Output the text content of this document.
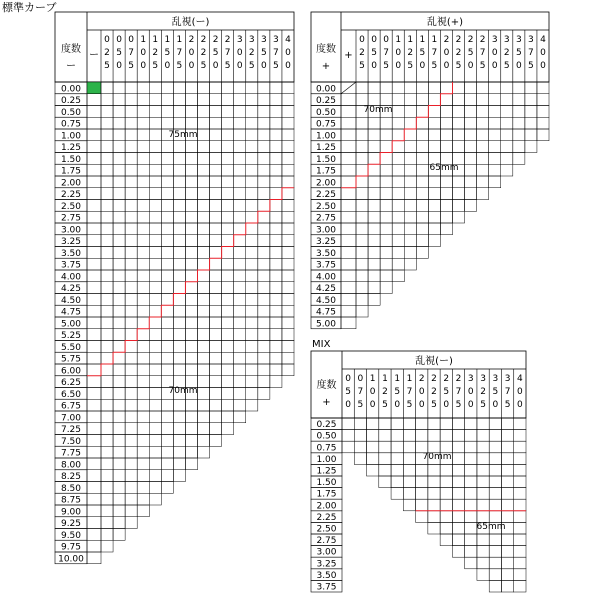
標準カーブ
MIX
乱視(ー)
度数
ー
ー
0
2
5
0
5
0
0
7
5
1
0
0
1
2
5
1
5
0
1
7
5
2
0
0
2
2
5
2
5
0
2
7
5
3
0
0
3
2
5
3
5
0
3
7
5
4
0
0
0.00
0.25
0.50
0.75
1.00
1.25
1.50
1.75
2.00
2.25
2.50
2.75
3.00
3.25
3.50
3.75
4.00
4.25
4.50
4.75
5.00
5.25
5.50
5.75
6.00
6.25
6.50
6.75
7.00
7.25
7.50
7.75
8.00
8.25
8.50
8.75
9.00
9.25
9.50
9.75
10.00
75mm
70mm
乱視(+)
度数
+
+
0
2
5
0
5
0
0
7
5
1
0
0
1
2
5
1
5
0
1
7
5
2
0
0
2
2
5
2
5
0
2
7
5
3
0
0
3
2
5
3
5
0
3
7
5
4
0
0
0.00
0.25
0.50
0.75
1.00
1.25
1.50
1.75
2.00
2.25
2.50
2.75
3.00
3.25
3.50
3.75
4.00
4.25
4.50
4.75
5.00
70mm
65mm
乱視(ー)
度数
+
0
5
0
0
7
5
1
0
0
1
2
5
1
5
0
1
7
5
2
0
0
2
2
5
2
5
0
2
7
5
3
0
0
3
2
5
3
5
0
3
7
5
4
0
0
0.25
0.50
0.75
1.00
1.25
1.50
1.75
2.00
2.25
2.50
2.75
3.00
3.25
3.50
3.75
70mm
65mm
